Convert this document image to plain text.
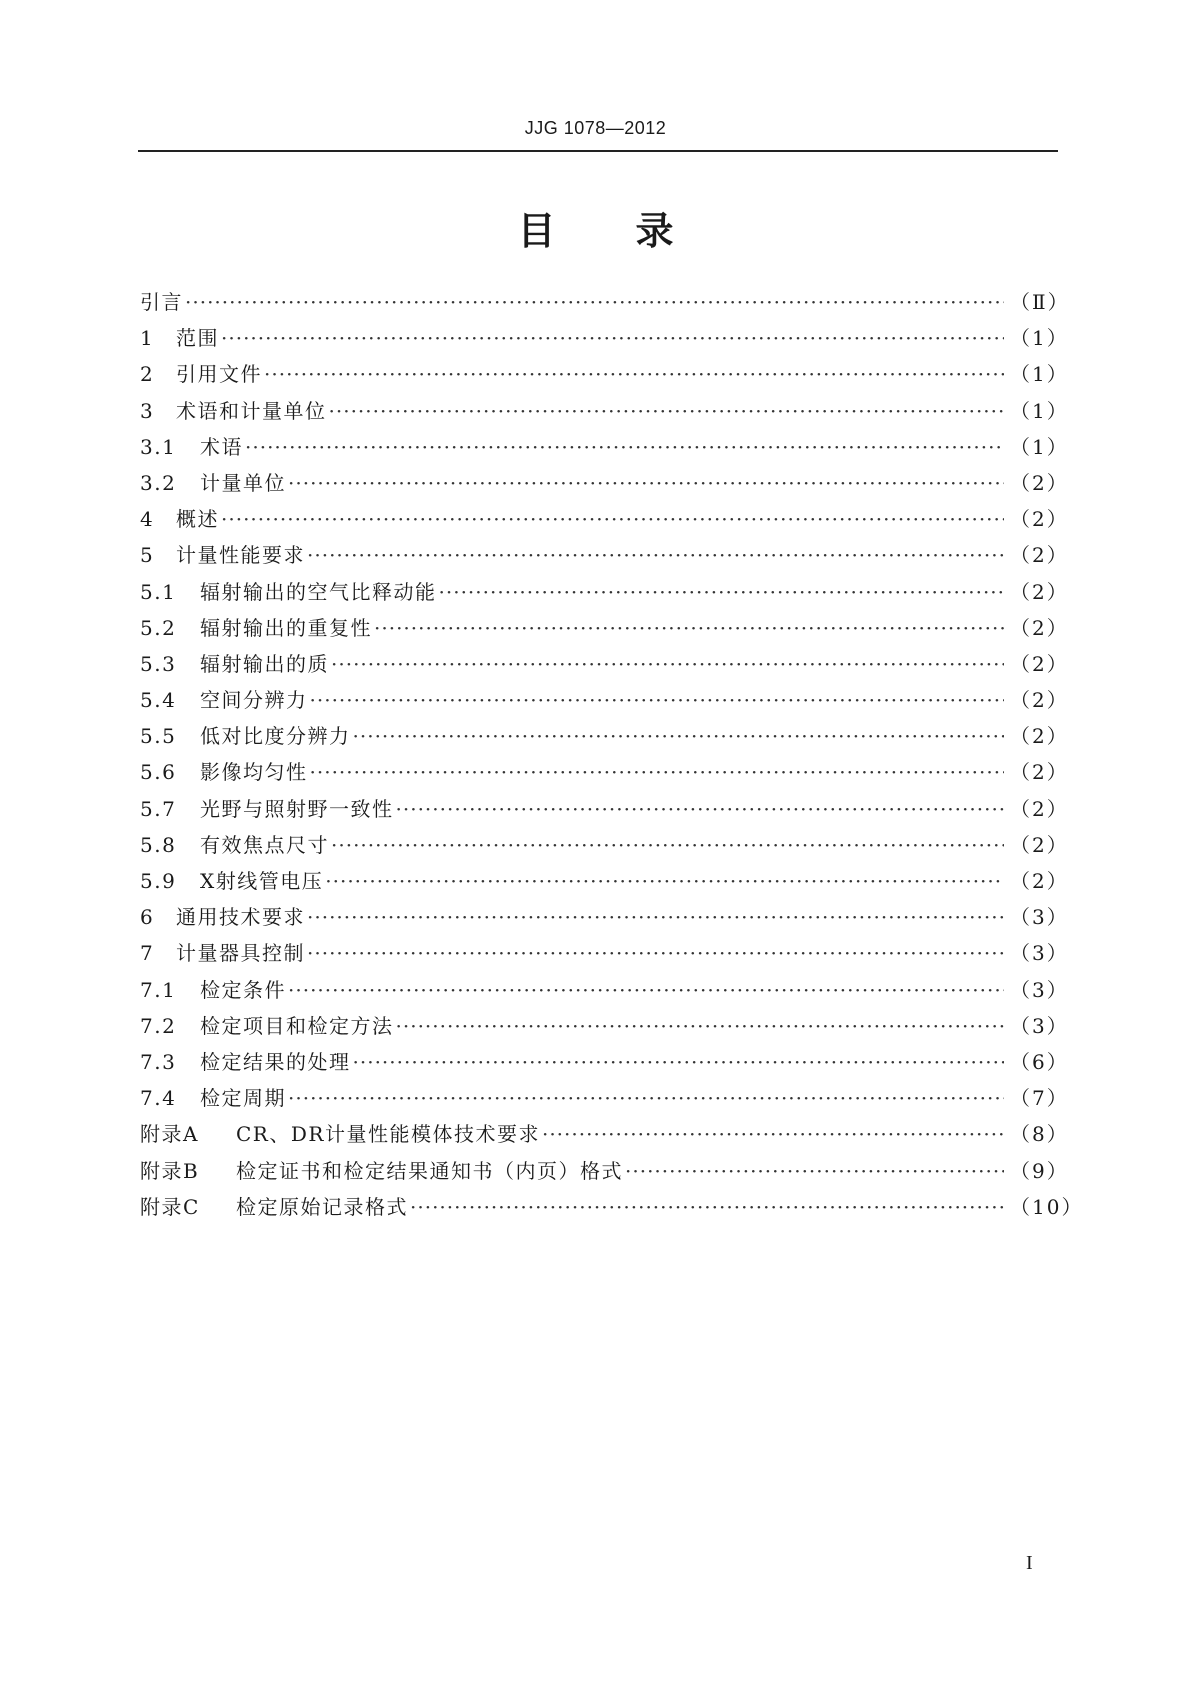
JJG 1078—2012
目录
引言 ·····	（Ⅱ）
1	范围 ·····	（1）
2	引用文件 ·····	（1）
3	术语和计量单位 ·····	（1）
3.1	术语 ·····	（1）
3.2	计量单位 ·····	（2）
4	概述 ·····	（2）
5	计量性能要求 ·····	（2）
5.1	辐射输出的空气比释动能 ·····	（2）
5.2	辐射输出的重复性 ·····	（2）
5.3	辐射输出的质 ·····	（2）
5.4	空间分辨力 ·····	（2）
5.5	低对比度分辨力 ·····	（2）
5.6	影像均匀性 ·····	（2）
5.7	光野与照射野一致性 ·····	（2）
5.8	有效焦点尺寸 ·····	（2）
5.9	X射线管电压 ·····	（2）
6	通用技术要求 ·····	（3）
7	计量器具控制 ·····	（3）
7.1	检定条件 ·····	（3）
7.2	检定项目和检定方法 ·····	（3）
7.3	检定结果的处理 ·····	（6）
7.4	检定周期 ·····	（7）
附录A	CR、DR计量性能模体技术要求 ·····	（8）
附录B	检定证书和检定结果通知书（内页）格式 ·····	（9）
附录C	检定原始记录格式 ·····	（10）
I
